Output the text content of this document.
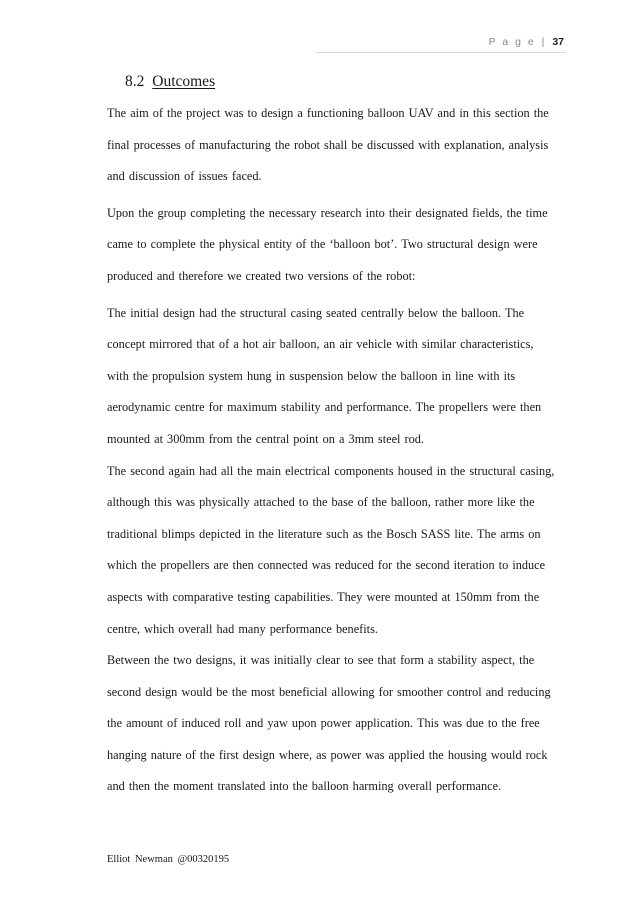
P a g e | 37
8.2 Outcomes

The aim of the project was to design a functioning balloon UAV and in this section the
final processes of manufacturing the robot shall be discussed with explanation, analysis
and discussion of issues faced.

Upon the group completing the necessary research into their designated fields, the time
came to complete the physical entity of the ‘balloon bot’. Two structural design were
produced and therefore we created two versions of the robot:

The initial design had the structural casing seated centrally below the balloon. The
concept mirrored that of a hot air balloon, an air vehicle with similar characteristics,
with the propulsion system hung in suspension below the balloon in line with its
aerodynamic centre for maximum stability and performance. The propellers were then
mounted at 300mm from the central point on a 3mm steel rod.

The second again had all the main electrical components housed in the structural casing,
although this was physically attached to the base of the balloon, rather more like the
traditional blimps depicted in the literature such as the Bosch SASS lite. The arms on
which the propellers are then connected was reduced for the second iteration to induce
aspects with comparative testing capabilities. They were mounted at 150mm from the
centre, which overall had many performance benefits.

Between the two designs, it was initially clear to see that form a stability aspect, the
second design would be the most beneficial allowing for smoother control and reducing
the amount of induced roll and yaw upon power application. This was due to the free
hanging nature of the first design where, as power was applied the housing would rock
and then the moment translated into the balloon harming overall performance.

Elliot Newman @00320195
